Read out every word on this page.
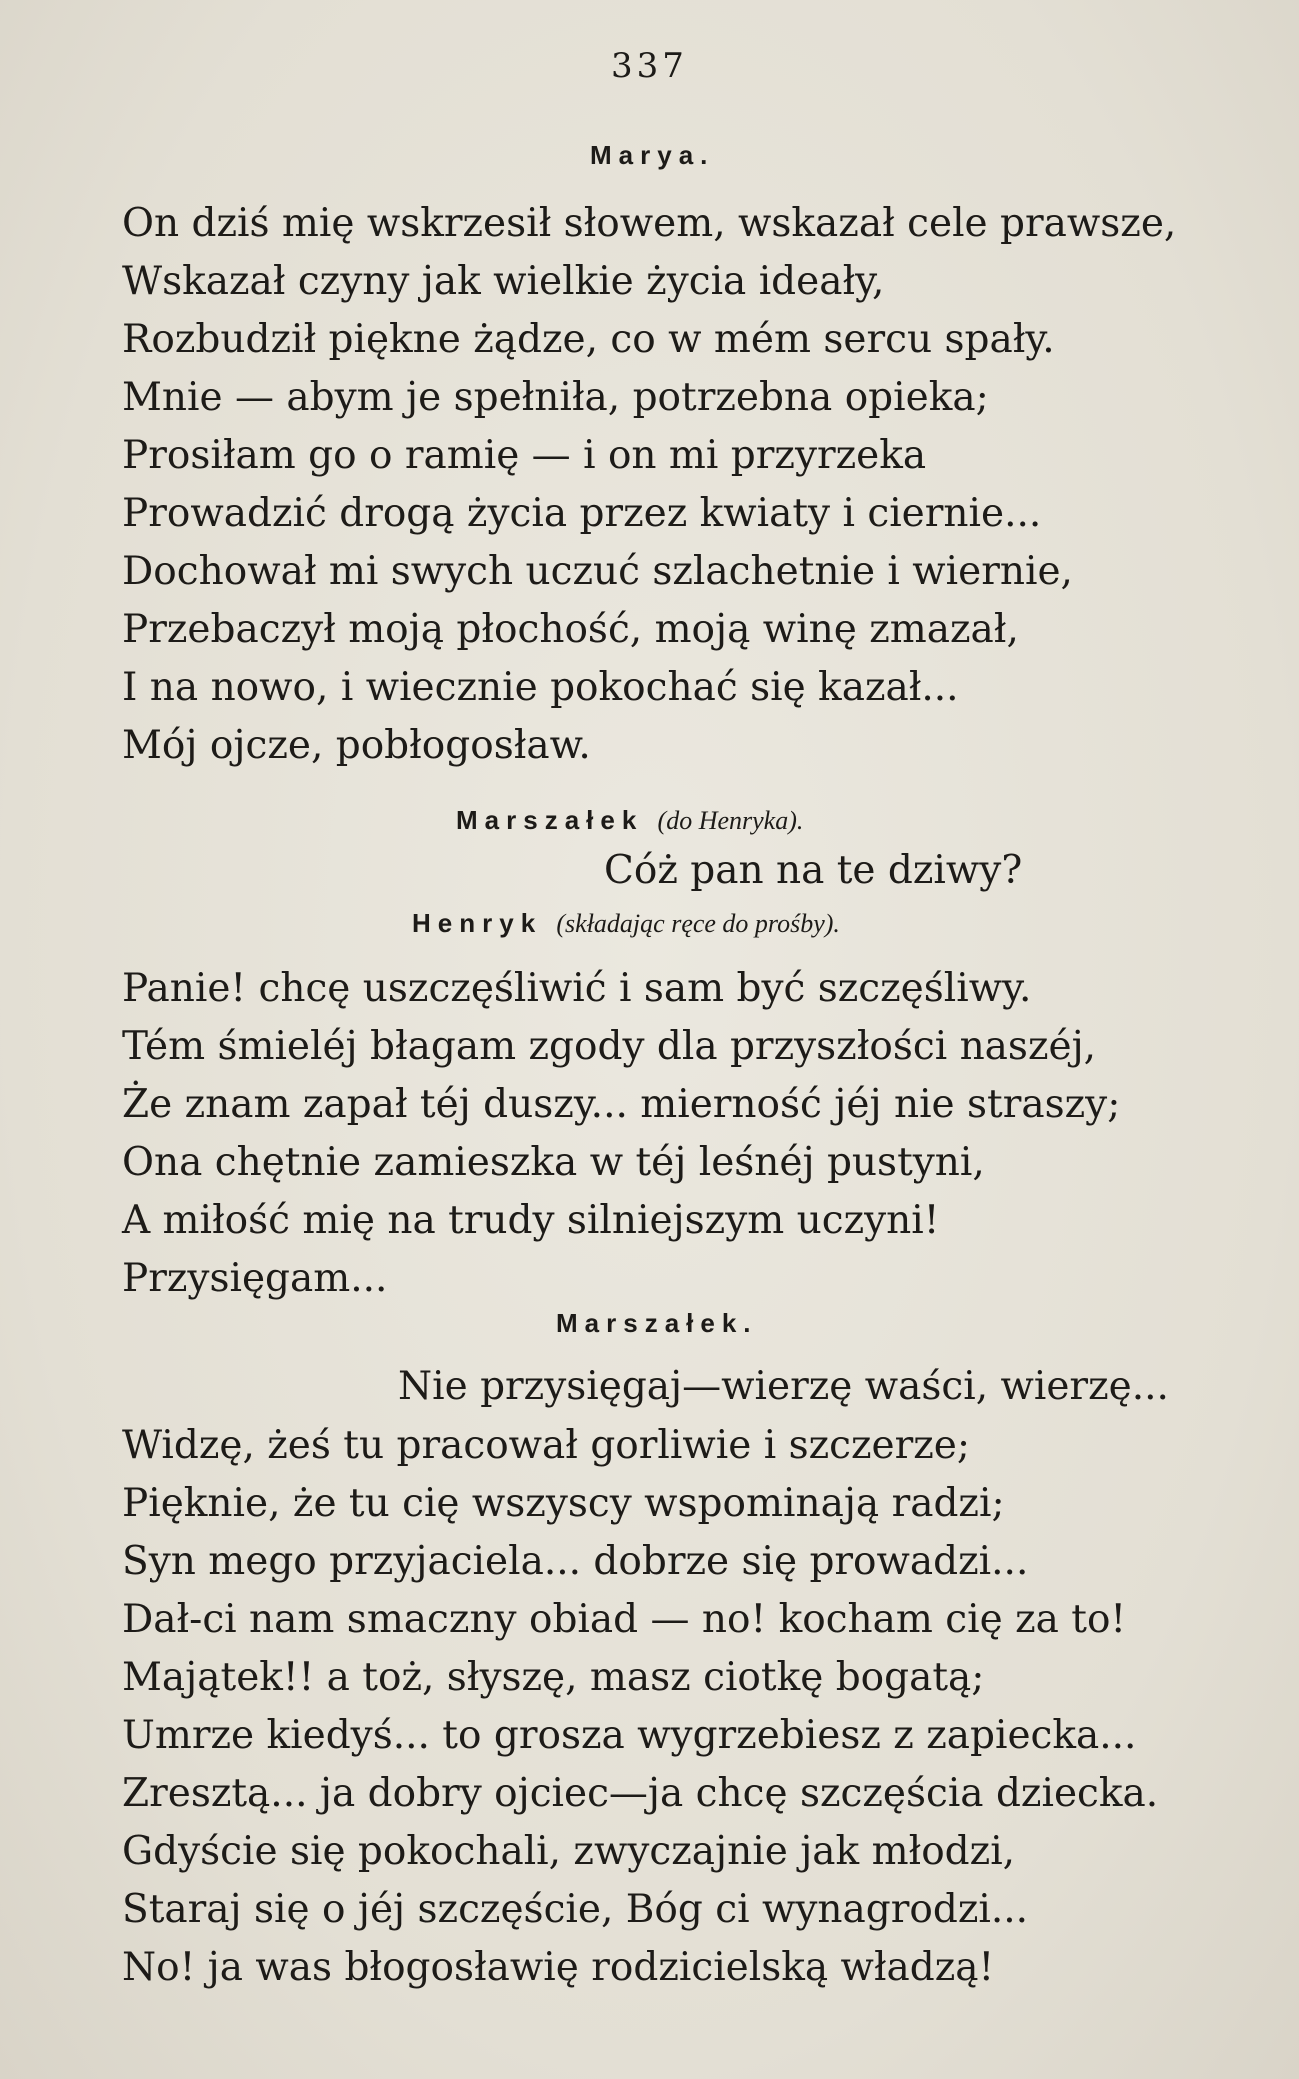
337
Marya.
On dziś mię wskrzesił słowem, wskazał cele prawsze,
Wskazał czyny jak wielkie życia ideały,
Rozbudził piękne żądze, co w mém sercu spały.
Mnie — abym je spełniła, potrzebna opieka;
Prosiłam go o ramię — i on mi przyrzeka
Prowadzić drogą życia przez kwiaty i ciernie...
Dochował mi swych uczuć szlachetnie i wiernie,
Przebaczył moją płochość, moją winę zmazał,
I na nowo, i wiecznie pokochać się kazał...
Mój ojcze, pobłogosław.
Marszałek (do Henryka).
Cóż pan na te dziwy?
Henryk (składając ręce do prośby).
Panie! chcę uszczęśliwić i sam być szczęśliwy.
Tém śmieléj błagam zgody dla przyszłości naszéj,
Że znam zapał téj duszy... mierność jéj nie straszy;
Ona chętnie zamieszka w téj leśnéj pustyni,
A miłość mię na trudy silniejszym uczyni!
Przysięgam...
Marszałek.
Nie przysięgaj—wierzę waści, wierzę...
Widzę, żeś tu pracował gorliwie i szczerze;
Pięknie, że tu cię wszyscy wspominają radzi;
Syn mego przyjaciela... dobrze się prowadzi...
Dał-ci nam smaczny obiad — no! kocham cię za to!
Majątek!! a toż, słyszę, masz ciotkę bogatą;
Umrze kiedyś... to grosza wygrzebiesz z zapiecka...
Zresztą... ja dobry ojciec—ja chcę szczęścia dziecka.
Gdyście się pokochali, zwyczajnie jak młodzi,
Staraj się o jéj szczęście, Bóg ci wynagrodzi...
No! ja was błogosławię rodzicielską władzą!
